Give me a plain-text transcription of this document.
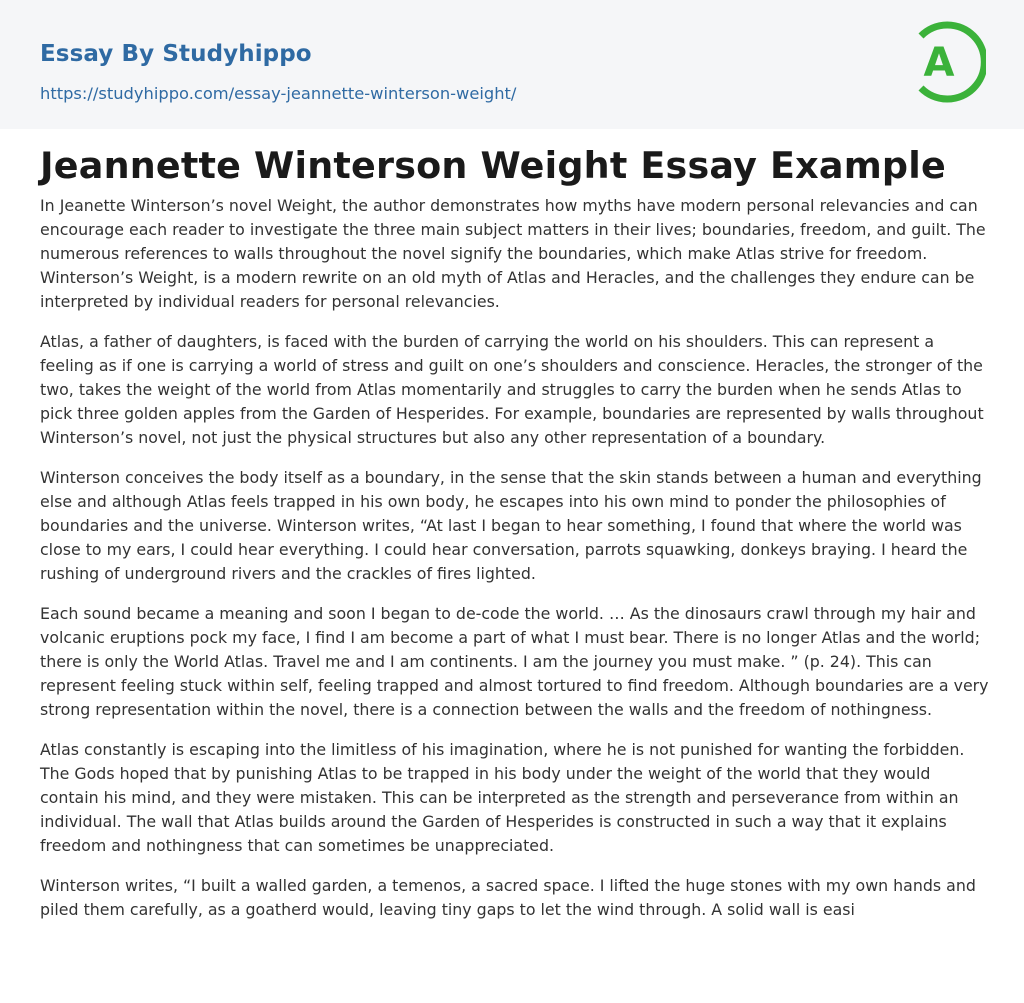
Essay By Studyhippo
https://studyhippo.com/essay-jeannette-winterson-weight/
A
Jeannette Winterson Weight Essay Example

In Jeanette Winterson’s novel Weight, the author demonstrates how myths have modern personal relevancies and can encourage each reader to investigate the three main subject matters in their lives; boundaries, freedom, and guilt. The numerous references to walls throughout the novel signify the boundaries, which make Atlas strive for freedom. Winterson’s Weight, is a modern rewrite on an old myth of Atlas and Heracles, and the challenges they endure can be interpreted by individual readers for personal relevancies.

Atlas, a father of daughters, is faced with the burden of carrying the world on his shoulders. This can represent a feeling as if one is carrying a world of stress and guilt on one’s shoulders and conscience. Heracles, the stronger of the two, takes the weight of the world from Atlas momentarily and struggles to carry the burden when he sends Atlas to pick three golden apples from the Garden of Hesperides. For example, boundaries are represented by walls throughout Winterson’s novel, not just the physical structures but also any other representation of a boundary.

Winterson conceives the body itself as a boundary, in the sense that the skin stands between a human and everything else and although Atlas feels trapped in his own body, he escapes into his own mind to ponder the philosophies of boundaries and the universe. Winterson writes, “At last I began to hear something, I found that where the world was close to my ears, I could hear everything. I could hear conversation, parrots squawking, donkeys braying. I heard the rushing of underground rivers and the crackles of fires lighted.

Each sound became a meaning and soon I began to de-code the world. … As the dinosaurs crawl through my hair and volcanic eruptions pock my face, I find I am become a part of what I must bear. There is no longer Atlas and the world; there is only the World Atlas. Travel me and I am continents. I am the journey you must make. ” (p. 24). This can represent feeling stuck within self, feeling trapped and almost tortured to find freedom. Although boundaries are a very strong representation within the novel, there is a connection between the walls and the freedom of nothingness.

Atlas constantly is escaping into the limitless of his imagination, where he is not punished for wanting the forbidden. The Gods hoped that by punishing Atlas to be trapped in his body under the weight of the world that they would contain his mind, and they were mistaken. This can be interpreted as the strength and perseverance from within an individual. The wall that Atlas builds around the Garden of Hesperides is constructed in such a way that it explains freedom and nothingness that can sometimes be unappreciated.

Winterson writes, “I built a walled garden, a temenos, a sacred space. I lifted the huge stones with my own hands and piled them carefully, as a goatherd would, leaving tiny gaps to let the wind through. A solid wall is easi
